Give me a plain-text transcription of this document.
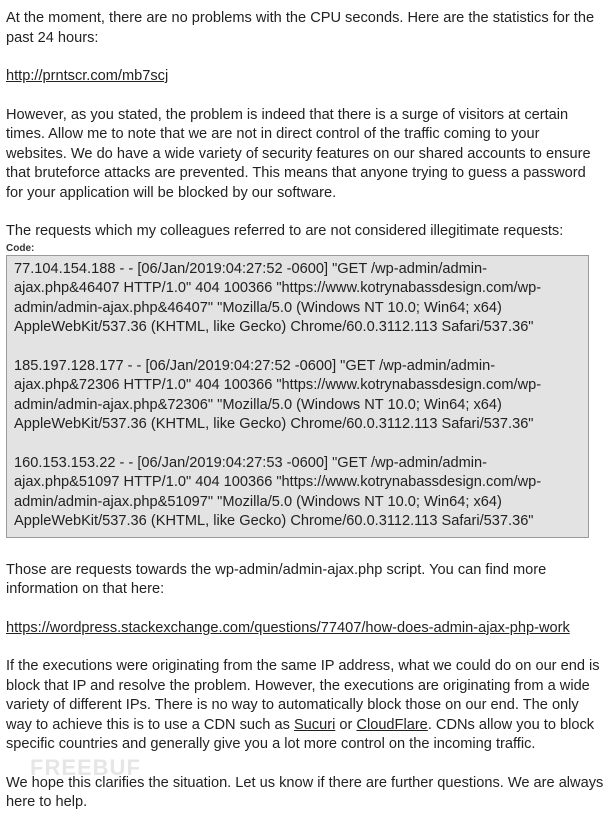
At the moment, there are no problems with the CPU seconds. Here are the statistics for the past 24 hours:

http://prntscr.com/mb7scj

However, as you stated, the problem is indeed that there is a surge of visitors at certain times. Allow me to note that we are not in direct control of the traffic coming to your websites. We do have a wide variety of security features on our shared accounts to ensure that bruteforce attacks are prevented. This means that anyone trying to guess a password for your application will be blocked by our software.

The requests which my colleagues referred to are not considered illegitimate requests:

Code:
77.104.154.188 - - [06/Jan/2019:04:27:52 -0600] "GET /wp-admin/admin-ajax.php&46407 HTTP/1.0" 404 100366 "https://www.kotrynabassdesign.com/wp-admin/admin-ajax.php&46407" "Mozilla/5.0 (Windows NT 10.0; Win64; x64) AppleWebKit/537.36 (KHTML, like Gecko) Chrome/60.0.3112.113 Safari/537.36"
185.197.128.177 - - [06/Jan/2019:04:27:52 -0600] "GET /wp-admin/admin-ajax.php&72306 HTTP/1.0" 404 100366 "https://www.kotrynabassdesign.com/wp-admin/admin-ajax.php&72306" "Mozilla/5.0 (Windows NT 10.0; Win64; x64) AppleWebKit/537.36 (KHTML, like Gecko) Chrome/60.0.3112.113 Safari/537.36"
160.153.153.22 - - [06/Jan/2019:04:27:53 -0600] "GET /wp-admin/admin-ajax.php&51097 HTTP/1.0" 404 100366 "https://www.kotrynabassdesign.com/wp-admin/admin-ajax.php&51097" "Mozilla/5.0 (Windows NT 10.0; Win64; x64) AppleWebKit/537.36 (KHTML, like Gecko) Chrome/60.0.3112.113 Safari/537.36"

Those are requests towards the wp-admin/admin-ajax.php script. You can find more information on that here:

https://wordpress.stackexchange.com/questions/77407/how-does-admin-ajax-php-work

If the executions were originating from the same IP address, what we could do on our end is block that IP and resolve the problem. However, the executions are originating from a wide variety of different IPs. There is no way to automatically block those on our end. The only way to achieve this is to use a CDN such as Sucuri or CloudFlare. CDNs allow you to block specific countries and generally give you a lot more control on the incoming traffic.

We hope this clarifies the situation. Let us know if there are further questions. We are always here to help.

FREEBUF
